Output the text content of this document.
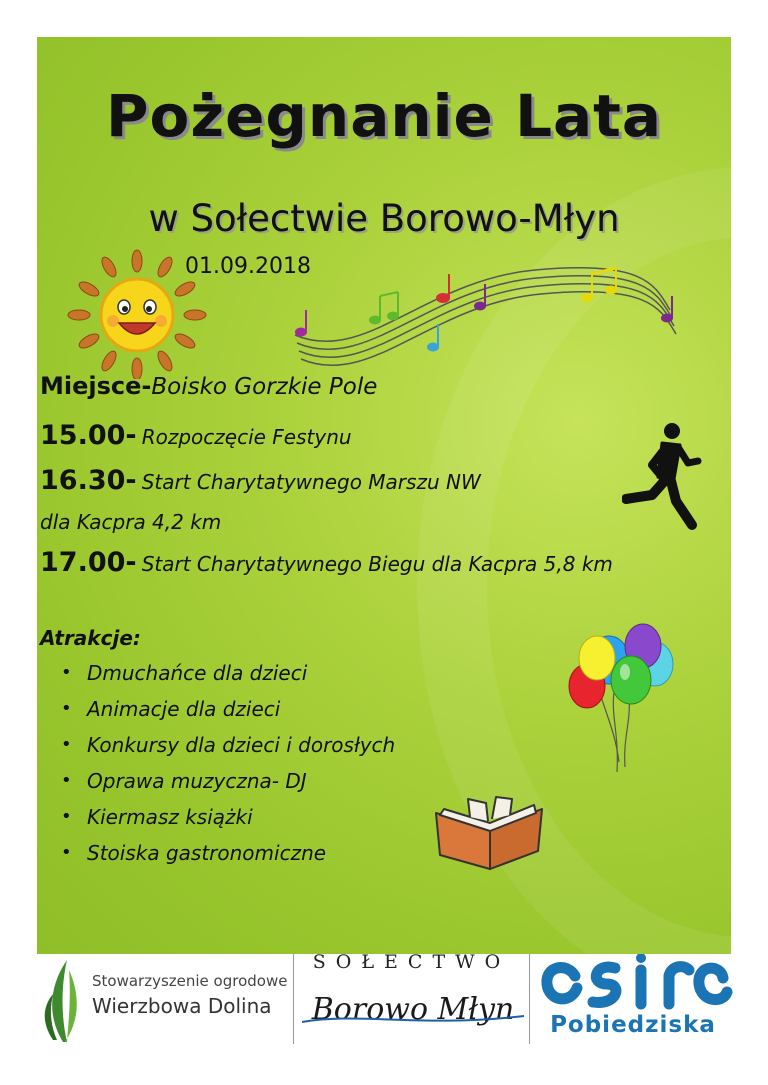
Pożegnanie Lata
w Sołectwie Borowo-Młyn
01.09.2018
Miejsce-Boisko Gorzkie Pole
15.00- Rozpoczęcie Festynu
16.30- Start Charytatywnego Marszu NW
dla Kacpra 4,2 km
17.00- Start Charytatywnego Biegu dla Kacpra 5,8 km
Atrakcje:
• Dmuchańce dla dzieci
• Animacje dla dzieci
• Konkursy dla dzieci i dorosłych
• Oprawa muzyczna- DJ
• Kiermasz książki
• Stoiska gastronomiczne
Stowarzyszenie ogrodowe
Wierzbowa Dolina
SOŁECTWO
Borowo Młyn	Pobiedziska
